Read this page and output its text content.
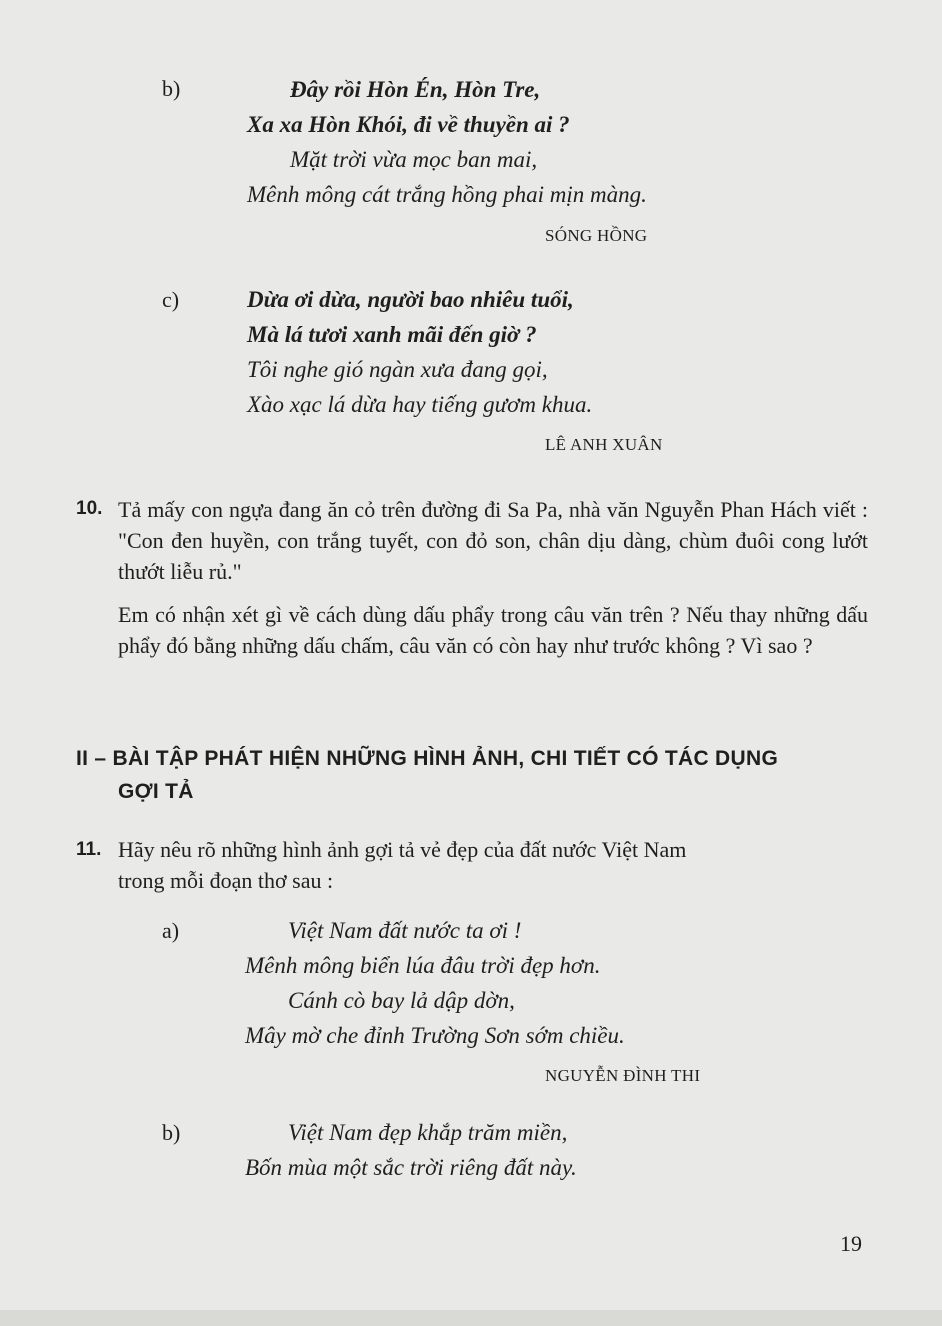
b)	Đây rồi Hòn Én, Hòn Tre,
Xa xa Hòn Khói, đi về thuyền ai ?
Mặt trời vừa mọc ban mai,
Mênh mông cát trắng hồng phai mịn màng.
SÓNG HỒNG
c)	Dừa ơi dừa, người bao nhiêu tuổi,
Mà lá tươi xanh mãi đến giờ ?
Tôi nghe gió ngàn xưa đang gọi,
Xào xạc lá dừa hay tiếng gươm khua.
LÊ ANH XUÂN
10. Tả mấy con ngựa đang ăn cỏ trên đường đi Sa Pa, nhà văn Nguyễn Phan Hách viết : "Con đen huyền, con trắng tuyết, con đỏ son, chân dịu dàng, chùm đuôi cong lướt thướt liễu rủ."
Em có nhận xét gì về cách dùng dấu phẩy trong câu văn trên ? Nếu thay những dấu phẩy đó bằng những dấu chấm, câu văn có còn hay như trước không ? Vì sao ?
II – BÀI TẬP PHÁT HIỆN NHỮNG HÌNH ẢNH, CHI TIẾT CÓ TÁC DỤNG
GỢI TẢ
11. Hãy nêu rõ những hình ảnh gợi tả vẻ đẹp của đất nước Việt Nam
trong mỗi đoạn thơ sau :
a)	Việt Nam đất nước ta ơi !
Mênh mông biển lúa đâu trời đẹp hơn.
Cánh cò bay lả dập dờn,
Mây mờ che đỉnh Trường Sơn sớm chiều.
NGUYỄN ĐÌNH THI
b)	Việt Nam đẹp khắp trăm miền,
Bốn mùa một sắc trời riêng đất này.
19
